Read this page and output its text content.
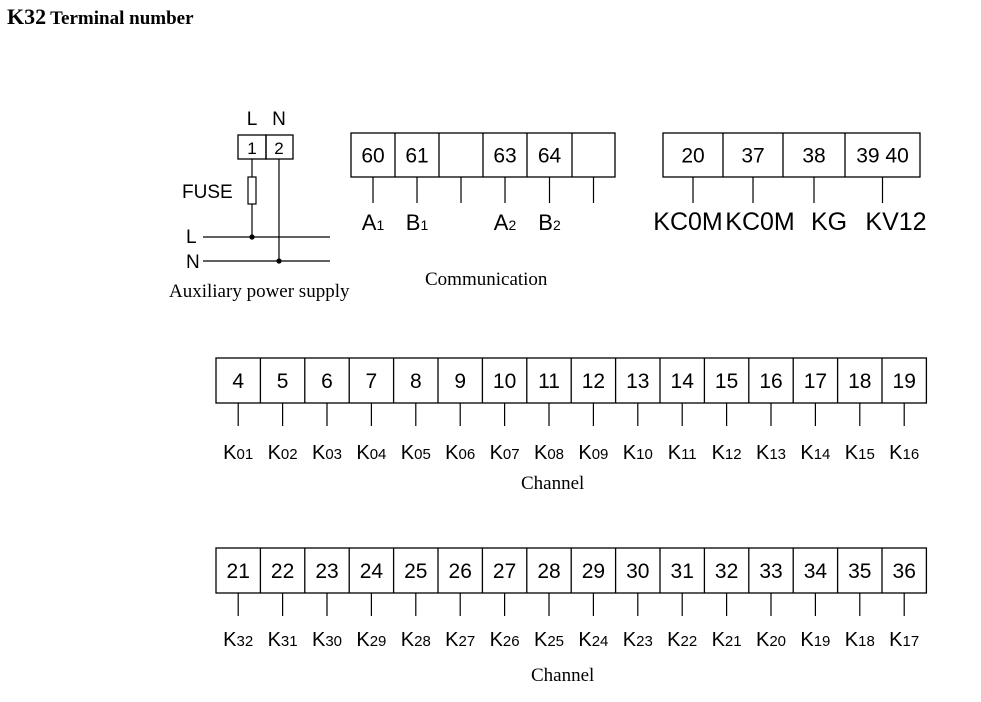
K32 Terminal number
Auxiliary power supply
Communication
Channel
Channel
L N
1 2
FUSE
L
N
60
A1
61
B1
63
A2
64
B2
20
KC0M
37
KC0M
38
KG
39 40
KV12
4
K01
5
K02
6
K03
7
K04
8
K05
9
K06
10
K07
11
K08
12
K09
13
K10
14
K11
15
K12
16
K13
17
K14
18
K15
19
K16
21
K32
22
K31
23
K30
24
K29
25
K28
26
K27
27
K26
28
K25
29
K24
30
K23
31
K22
32
K21
33
K20
34
K19
35
K18
36
K17
